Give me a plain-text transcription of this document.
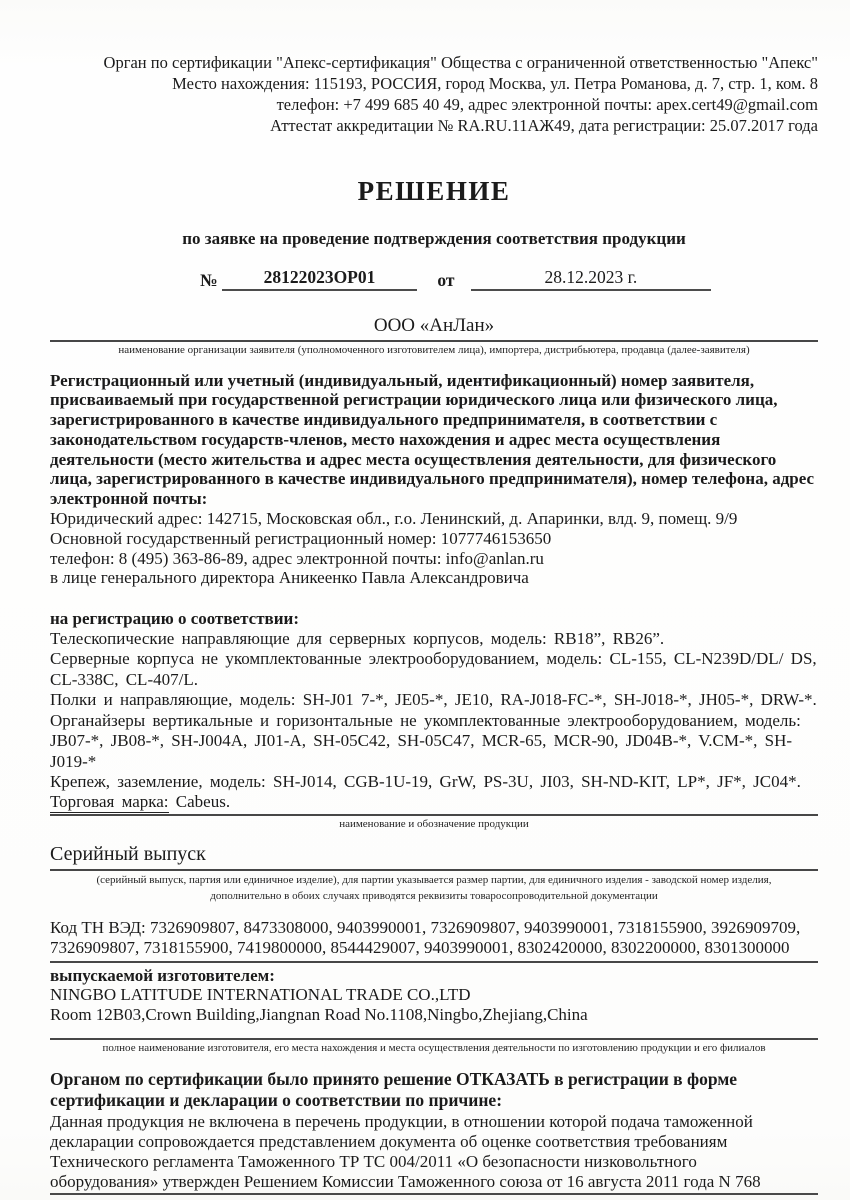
Орган по сертификации "Апекс-сертификация" Общества с ограниченной ответственностью "Апекс"
Место нахождения: 115193, РОССИЯ, город Москва, ул. Петра Романова, д. 7, стр. 1, ком. 8
телефон: +7 499 685 40 49, адрес электронной почты: apex.cert49@gmail.com
Аттестат аккредитации № RA.RU.11АЖ49, дата регистрации: 25.07.2017 года
РЕШЕНИЕ
по заявке на проведение подтверждения соответствия продукции
№	28122023ОР01	от	28.12.2023 г.
ООО «АнЛан»
наименование организации заявителя (уполномоченного изготовителем лица), импортера, дистрибьютера, продавца (далее-заявителя)
Регистрационный или учетный (индивидуальный, идентификационный) номер заявителя, присваиваемый при государственной регистрации юридического лица или физического лица, зарегистрированного в качестве индивидуального предпринимателя, в соответствии с законодательством государств-членов, место нахождения и адрес места осуществления деятельности (место жительства и адрес места осуществления деятельности, для физического лица, зарегистрированного в качестве индивидуального предпринимателя), номер телефона, адрес электронной почты:
Юридический адрес: 142715, Московская обл., г.о. Ленинский, д. Апаринки, влд. 9, помещ. 9/9
Основной государственный регистрационный номер: 1077746153650
телефон: 8 (495) 363-86-89, адрес электронной почты: info@anlan.ru
в лице генерального директора Аникеенко Павла Александровича
на регистрацию о соответствии:
Телескопические направляющие для серверных корпусов, модель: RB18”, RB26”.
Серверные корпуса не укомплектованные электрооборудованием, модель: CL-155, CL-N239D/DL/ DS, CL-338C, CL-407/L.
Полки и направляющие, модель: SH-J01 7-*, JE05-*, JE10, RA-J018-FC-*, SH-J018-*, JH05-*, DRW-*. Органайзеры вертикальные и горизонтальные не укомплектованные электрооборудованием, модель: JB07-*, JB08-*, SH-J004A, JI01-A, SH-05C42, SH-05C47, MCR-65, MCR-90, JD04B-*, V.CM-*, SH-J019-*
Крепеж, заземление, модель: SH-J014, CGB-1U-19, GrW, PS-3U, JI03, SH-ND-KIT, LP*, JF*, JC04*. Торговая марка: Cabeus.
наименование и обозначение продукции
Серийный выпуск
(серийный выпуск, партия или единичное изделие), для партии указывается размер партии, для единичного изделия - заводской номер изделия,
дополнительно в обоих случаях приводятся реквизиты товаросопроводительной документации
Код ТН ВЭД: 7326909807, 8473308000, 9403990001, 7326909807, 9403990001, 7318155900, 3926909709, 7326909807, 7318155900, 7419800000, 8544429007, 9403990001, 8302420000, 8302200000, 8301300000
выпускаемой изготовителем:
NINGBO LATITUDE INTERNATIONAL TRADE CO.,LTD
Room 12B03,Crown Building,Jiangnan Road No.1108,Ningbo,Zhejiang,China
полное наименование изготовителя, его места нахождения и места осуществления деятельности по изготовлению продукции и его филиалов
Органом по сертификации было принято решение ОТКАЗАТЬ в регистрации в форме сертификации и декларации о соответствии по причине:
Данная продукция не включена в перечень продукции, в отношении которой подача таможенной
декларации сопровождается представлением документа об оценке соответствия требованиям
Технического регламента Таможенного ТР ТС 004/2011 «О безопасности низковольтного
оборудования» утвержден Решением Комиссии Таможенного союза от 16 августа 2011 года N 768
